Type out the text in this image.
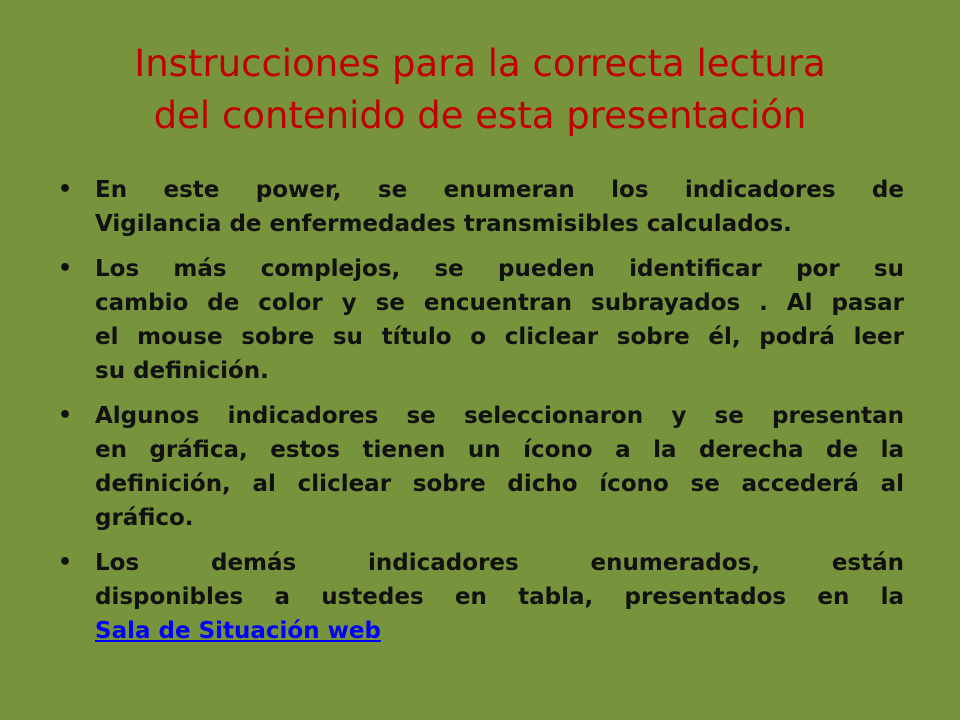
Instrucciones para la correcta lectura
del contenido de esta presentación
• En este power, se enumeran los indicadores de
Vigilancia de enfermedades transmisibles calculados.
• Los más complejos, se pueden identificar por su
cambio de color y se encuentran subrayados . Al pasar
el mouse sobre su título o cliclear sobre él, podrá leer
su definición.
• Algunos indicadores se seleccionaron y se presentan
en gráfica, estos tienen un ícono a la derecha de la
definición, al cliclear sobre dicho ícono se accederá al
gráfico.
• Los demás indicadores enumerados, están
disponibles a ustedes en tabla, presentados en la
Sala de Situación web
